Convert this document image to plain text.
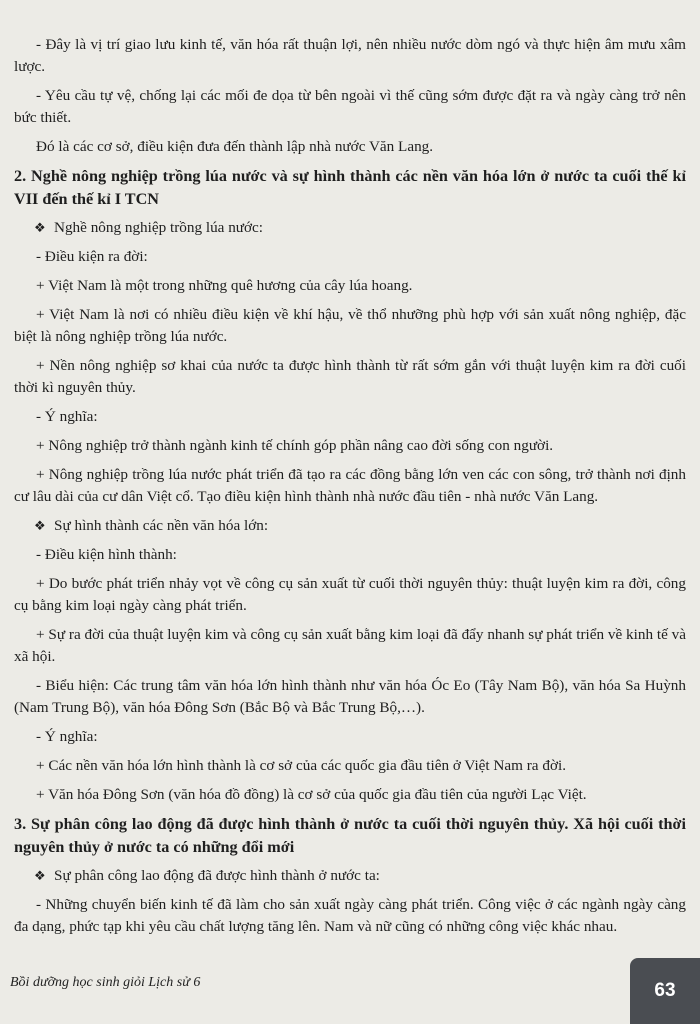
- Đây là vị trí giao lưu kinh tế, văn hóa rất thuận lợi, nên nhiều nước dòm ngó và thực hiện âm mưu xâm lược.

- Yêu cầu tự vệ, chống lại các mối đe dọa từ bên ngoài vì thế cũng sớm được đặt ra và ngày càng trở nên bức thiết.

Đó là các cơ sở, điều kiện đưa đến thành lập nhà nước Văn Lang.

2. Nghề nông nghiệp trồng lúa nước và sự hình thành các nền văn hóa lớn ở nước ta cuối thế kỉ VII đến thế kỉ I TCN

❖ Nghề nông nghiệp trồng lúa nước:

- Điều kiện ra đời:

+ Việt Nam là một trong những quê hương của cây lúa hoang.

+ Việt Nam là nơi có nhiều điều kiện về khí hậu, về thổ nhưỡng phù hợp với sản xuất nông nghiệp, đặc biệt là nông nghiệp trồng lúa nước.

+ Nền nông nghiệp sơ khai của nước ta được hình thành từ rất sớm gắn với thuật luyện kim ra đời cuối thời kì nguyên thủy.

- Ý nghĩa:

+ Nông nghiệp trở thành ngành kinh tế chính góp phần nâng cao đời sống con người.

+ Nông nghiệp trồng lúa nước phát triển đã tạo ra các đồng bằng lớn ven các con sông, trở thành nơi định cư lâu dài của cư dân Việt cổ. Tạo điều kiện hình thành nhà nước đầu tiên - nhà nước Văn Lang.

❖ Sự hình thành các nền văn hóa lớn:

- Điều kiện hình thành:

+ Do bước phát triển nhảy vọt về công cụ sản xuất từ cuối thời nguyên thủy: thuật luyện kim ra đời, công cụ bằng kim loại ngày càng phát triển.

+ Sự ra đời của thuật luyện kim và công cụ sản xuất bằng kim loại đã đẩy nhanh sự phát triển về kinh tế và xã hội.

- Biểu hiện: Các trung tâm văn hóa lớn hình thành như văn hóa Óc Eo (Tây Nam Bộ), văn hóa Sa Huỳnh (Nam Trung Bộ), văn hóa Đông Sơn (Bắc Bộ và Bắc Trung Bộ,…).

- Ý nghĩa:

+ Các nền văn hóa lớn hình thành là cơ sở của các quốc gia đầu tiên ở Việt Nam ra đời.

+ Văn hóa Đông Sơn (văn hóa đồ đồng) là cơ sở của quốc gia đầu tiên của người Lạc Việt.

3. Sự phân công lao động đã được hình thành ở nước ta cuối thời nguyên thủy. Xã hội cuối thời nguyên thủy ở nước ta có những đổi mới

❖ Sự phân công lao động đã được hình thành ở nước ta:

- Những chuyển biến kinh tế đã làm cho sản xuất ngày càng phát triển. Công việc ở các ngành ngày càng đa dạng, phức tạp khi yêu cầu chất lượng tăng lên. Nam và nữ cũng có những công việc khác nhau.

Bồi dưỡng học sinh giỏi Lịch sử 6	63
